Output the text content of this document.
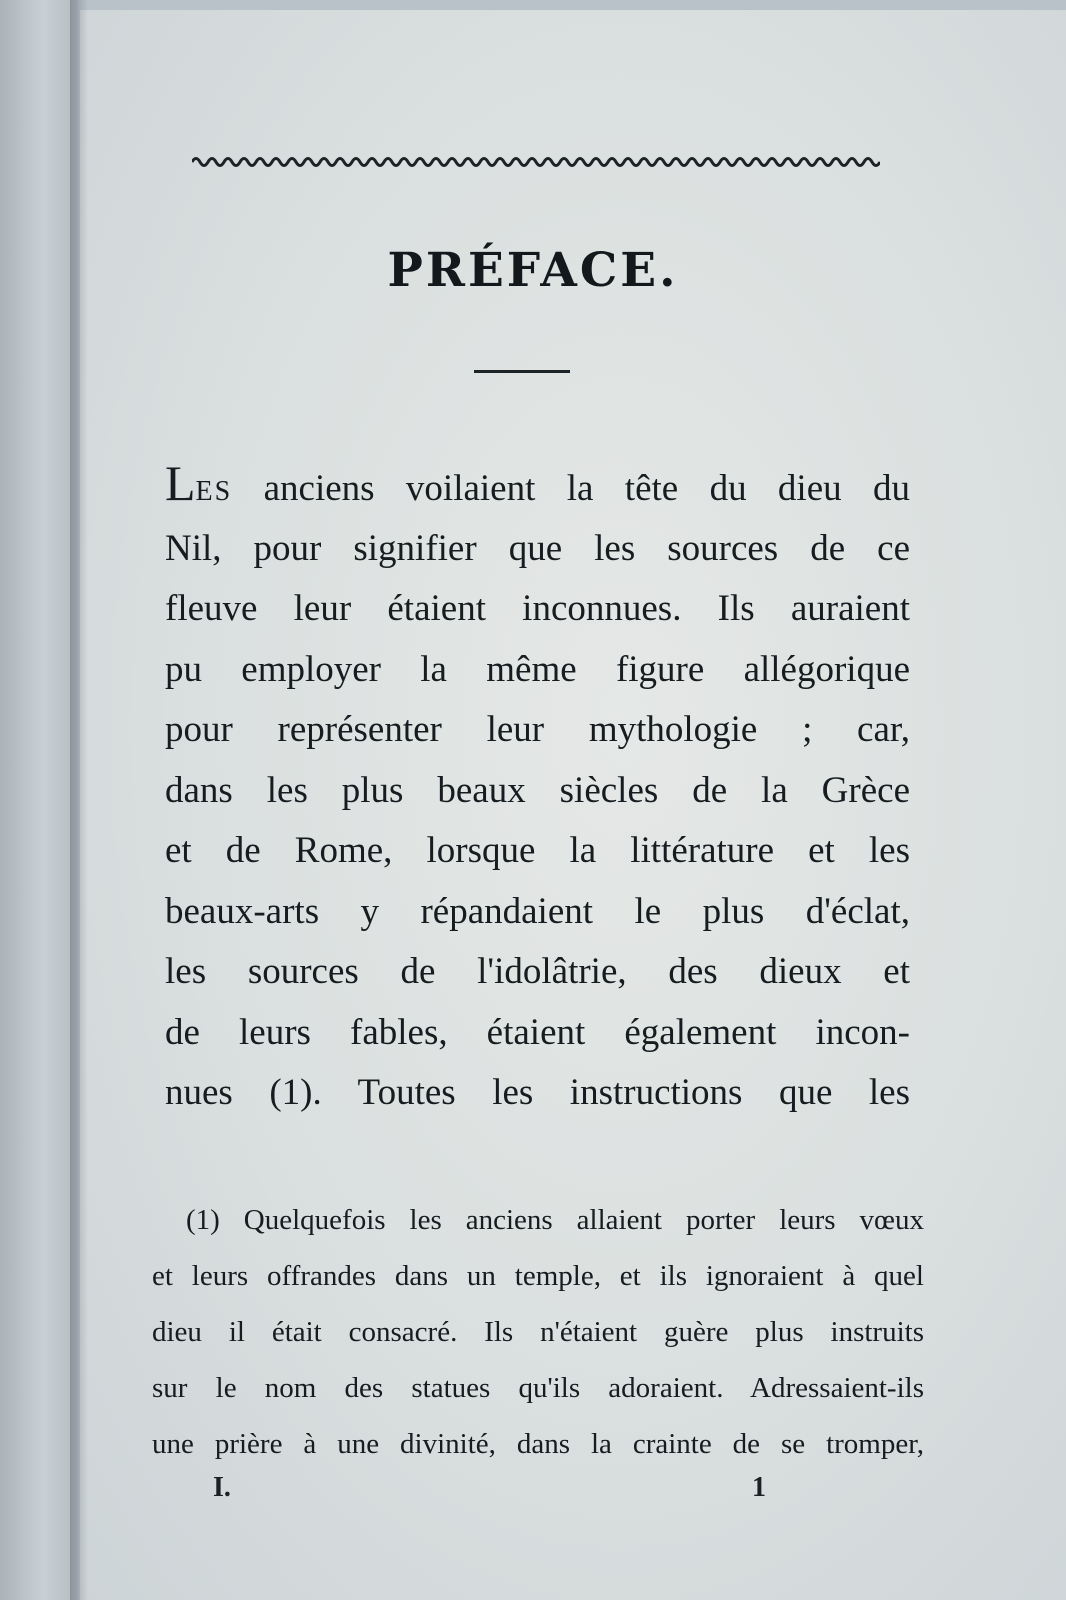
PRÉFACE.
LES anciens voilaient la tête du dieu du
Nil, pour signifier que les sources de ce
fleuve leur étaient inconnues. Ils auraient
pu employer la même figure allégorique
pour représenter leur mythologie ; car,
dans les plus beaux siècles de la Grèce
et de Rome, lorsque la littérature et les
beaux-arts y répandaient le plus d'éclat,
les sources de l'idolâtrie, des dieux et
de leurs fables, étaient également incon-
nues (1). Toutes les instructions que les
(1) Quelquefois les anciens allaient porter leurs vœux
et leurs offrandes dans un temple, et ils ignoraient à quel
dieu il était consacré. Ils n'étaient guère plus instruits
sur le nom des statues qu'ils adoraient. Adressaient-ils
une prière à une divinité, dans la crainte de se tromper,
I.	1
